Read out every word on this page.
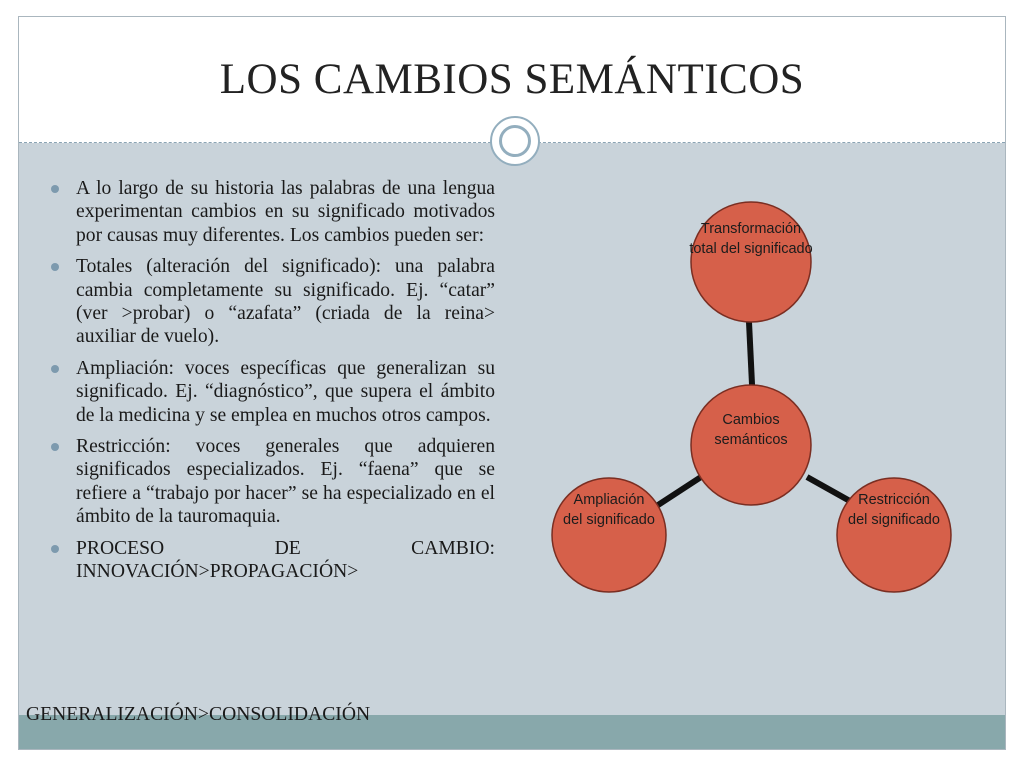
LOS CAMBIOS SEMÁNTICOS
A lo largo de su historia las palabras de una lengua experimentan cambios en su significado motivados por causas muy diferentes. Los cambios pueden ser:
Totales (alteración del significado): una palabra cambia completamente su significado. Ej. “catar” (ver >probar) o “azafata” (criada de la reina> auxiliar de vuelo).
Ampliación: voces específicas que generalizan su significado. Ej. “diagnóstico”, que supera el ámbito de la medicina y se emplea en muchos otros campos.
Restricción: voces generales que adquieren significados especializados. Ej. “faena” que se refiere a “trabajo por hacer” se ha especializado en el ámbito de la tauromaquia.
PROCESO DE CAMBIO: INNOVACIÓN>PROPAGACIÓN>
Transformación total del significado
Cambios semánticos
Ampliación del significado
Restricción del significado
GENERALIZACIÓN>CONSOLIDACIÓN
